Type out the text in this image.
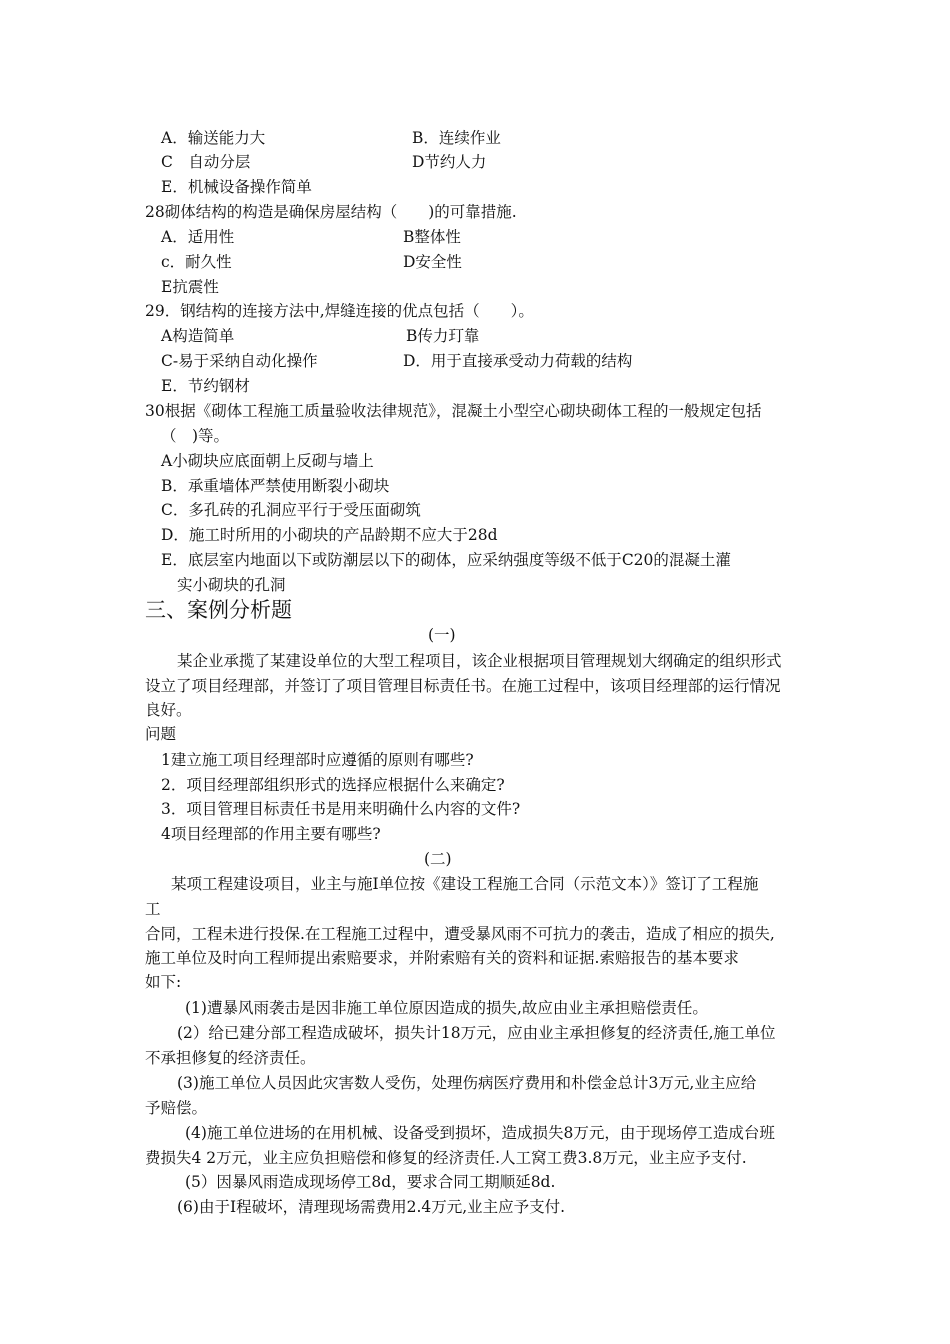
A．输送能力大	B．连续作业
C　自动分层	D节约人力
E．机械设备操作简单
28砌体结构的构造是确保房屋结构（　　)的可靠措施.
A．适用性	B整体性
c．耐久性	D安全性
E抗震性
29．钢结构的连接方法中,焊缝连接的优点包括（　　）。
A构造简单	B传力玎靠
C-易于采纳自动化操作	D．用于直接承受动力荷载的结构
E．节约钢材
30根据《砌体工程施工质量验收法律规范》，混凝土小型空心砌块砌体工程的一般规定包括
（　)等。
A小砌块应底面朝上反砌与墙上
B．承重墙体严禁使用断裂小砌块
C．多孔砖的孔洞应平行于受压面砌筑
D．施工时所用的小砌块的产品龄期不应大于28d
E．底层室内地面以下或防潮层以下的砌体，应采纳强度等级不低于C20的混凝土灌
实小砌块的孔洞
三、案例分析题
(一)
某企业承揽了某建设单位的大型工程项目，该企业根据项目管理规划大纲确定的组织形式
设立了项目经理部，并签订了项目管理目标责任书。在施工过程中，该项目经理部的运行情况
良好。
问题
1建立施工项目经理部时应遵循的原则有哪些?
2．项目经理部组织形式的选择应根据什么来确定?
3．项目管理目标责任书是用来明确什么内容的文件?
4项目经理部的作用主要有哪些?
(二)
某项工程建设项目，业主与施Ⅰ单位按《建设工程施工合同（示范文本）》签订了工程施
工
合同，工程未进行投保.在工程施工过程中，遭受暴风雨不可抗力的袭击，造成了相应的损失,
施工单位及时向工程师提出索赔要求，并附索赔有关的资料和证据.索赔报告的基本要求
如下:
(1)遭暴风雨袭击是因非施工单位原因造成的损失,故应由业主承担赔偿责任。
(2）给已建分部工程造成破坏，损失计18万元，应由业主承担修复的经济责任,施工单位
不承担修复的经济责任。
(3)施工单位人员因此灾害数人受伤，处理伤病医疗费用和朴偿金总计3万元,业主应给
予赔偿。
(4)施工单位进场的在用机械、设备受到损坏，造成损失8万元，由于现场停工造成台班
费损失4 2万元，业主应负担赔偿和修复的经济责任.人工窝工费3.8万元，业主应予支付.
(5）因暴风雨造成现场停工8d，要求合同工期顺延8d.
(6)由于Ⅰ程破坏，清理现场需费用2.4万元,业主应予支付.
